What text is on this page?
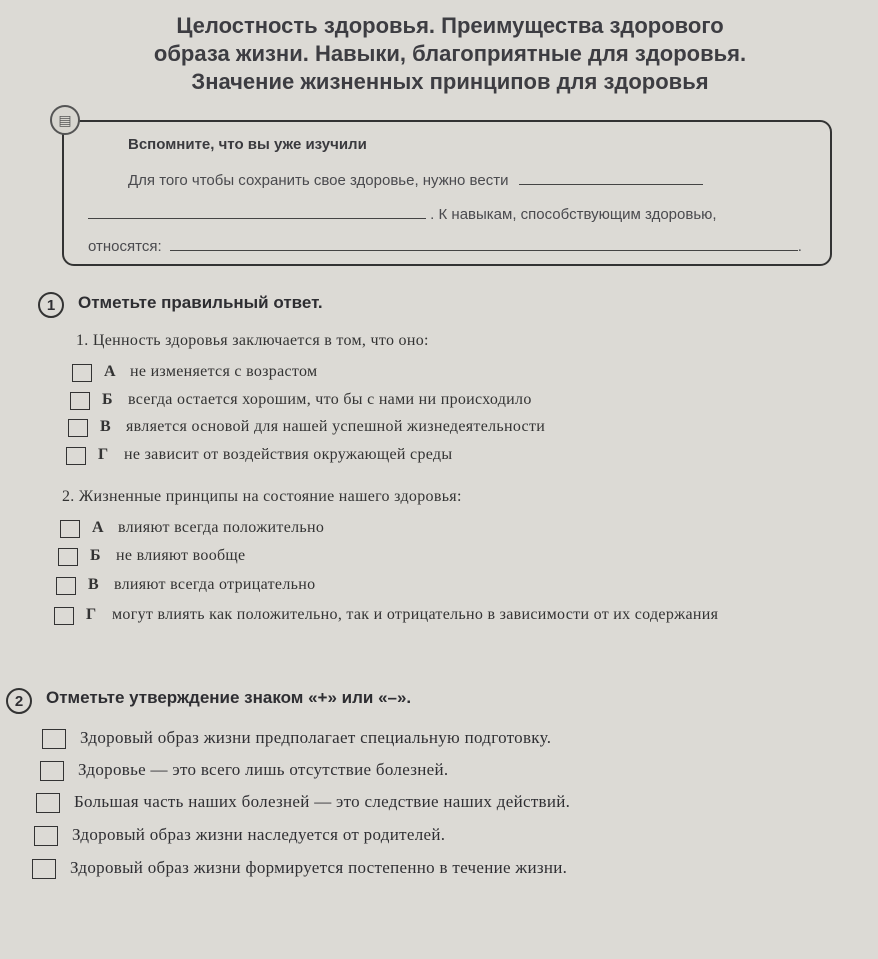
Целостность здоровья. Преимущества здорового
образа жизни. Навыки, благоприятные для здоровья.
Значение жизненных принципов для здоровья
▤
Вспомните, что вы уже изучили
Для того чтобы сохранить свое здоровье, нужно вести
. К навыкам, способствующим здоровью,
относятся:	.
1	Отметьте правильный ответ.
1. Ценность здоровья заключается в том, что оно:
А не изменяется с возрастом
Б всегда остается хорошим, что бы с нами ни происходило
В является основой для нашей успешной жизнедеятельности
Г не зависит от воздействия окружающей среды
2. Жизненные принципы на состояние нашего здоровья:
А влияют всегда положительно
Б не влияют вообще
В влияют всегда отрицательно
Г могут влиять как положительно, так и отрицательно в зависимости от их содержания
2	Отметьте утверждение знаком «+» или «–».
Здоровый образ жизни предполагает специальную подготовку.
Здоровье — это всего лишь отсутствие болезней.
Большая часть наших болезней — это следствие наших действий.
Здоровый образ жизни наследуется от родителей.
Здоровый образ жизни формируется постепенно в течение жизни.
